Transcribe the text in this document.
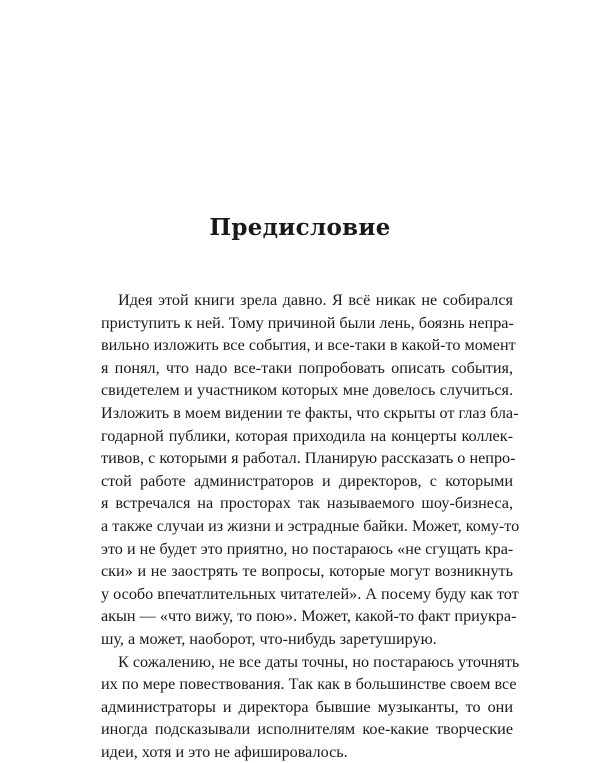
Предисловие
Идея этой книги зрела давно. Я всё никак не собирался
приступить к ней. Тому причиной были лень, боязнь непра-
вильно изложить все события, и все-таки в какой-то момент
я понял, что надо все-таки попробовать описать события,
свидетелем и участником которых мне довелось случиться.
Изложить в моем видении те факты, что скрыты от глаз бла-
годарной публики, которая приходила на концерты коллек-
тивов, с которыми я работал. Планирую рассказать о непро-
стой работе администраторов и директоров, с которыми
я встречался на просторах так называемого шоу-бизнеса,
а также случаи из жизни и эстрадные байки. Может, кому-то
это и не будет это приятно, но постараюсь «не сгущать кра-
ски» и не заострять те вопросы, которые могут возникнуть
у особо впечатлительных читателей». А посему буду как тот
акын — «что вижу, то пою». Может, какой-то факт приукра-
шу, а может, наоборот, что-нибудь заретуширую.
К сожалению, не все даты точны, но постараюсь уточнять
их по мере повествования. Так как в большинстве своем все
администраторы и директора бывшие музыканты, то они
иногда подсказывали исполнителям кое-какие творческие
идеи, хотя и это не афишировалось.
